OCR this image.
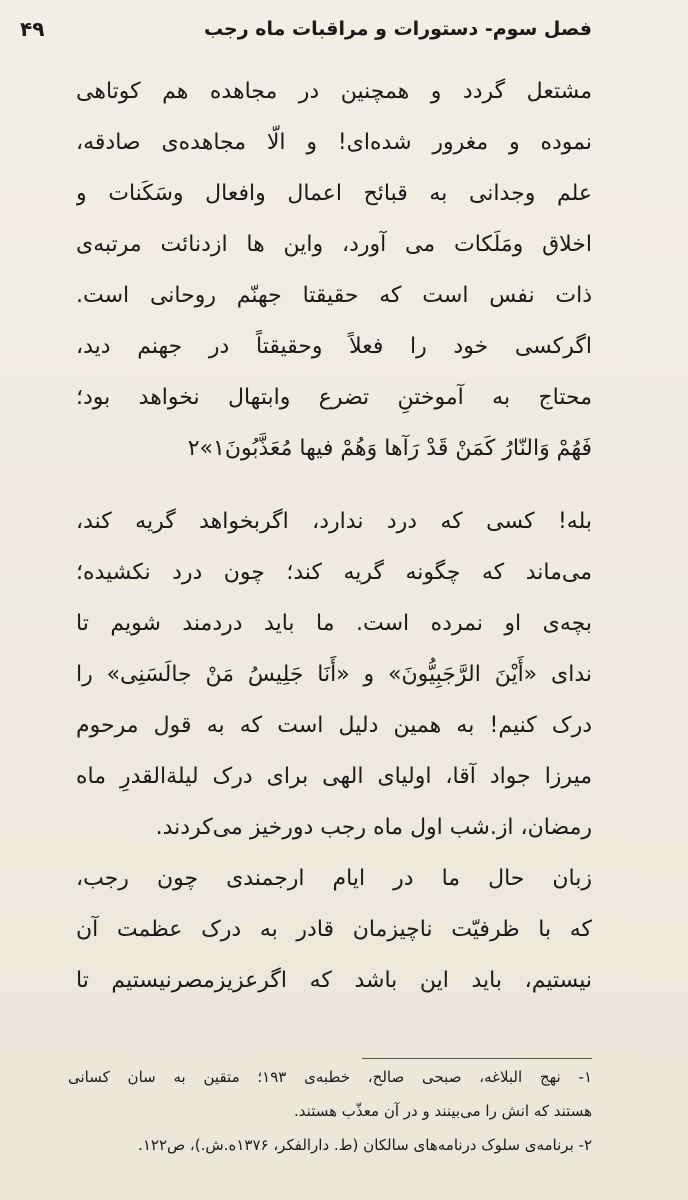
فصل سوم- دستورات و مراقبات ماه رجب
۴۹
مشتعل گردد و همچنین در مجاهده هم کوتاهی
نموده و مغرور شده‌ای! و الّا مجاهده‌ی صادقه،
علم وجدانی به قبائح اعمال وافعال وسَکَنات و
اخلاق ومَلَکات می آورد، واین ها ازدنائت مرتبه‌ی
ذات نفس است که حقیقتا جهنّم روحانی است.
اگرکسی خود را فعلاً وحقیقتاً در جهنم دید،
محتاج به آموختنِ تضرع وابتهال نخواهد بود؛
فَهُمْ وَالنّارُ کَمَنْ قَدْ رَآها وَهُمْ فیها مُعَذَّبُونَ۱»۲
بله! کسی که درد ندارد، اگربخواهد گریه کند،
می‌ماند که چگونه گریه کند؛ چون درد نکشیده؛
بچه‌ی او نمرده است. ما باید دردمند شویم تا
ندای «أَيْنَ الرَّجَبِیُّونَ» و «أَنَا جَلِیسُ مَنْ جالَسَنِی» را
درک کنیم! به همین دلیل است که به قول مرحوم
میرزا جواد آقا، اولیای الهی برای درک لیلة‌القدرِ ماه
رمضان، از.شب اول ماه رجب دورخیز می‌کردند.
زبان حال ما در ایام ارجمندی چون رجب،
که با ظرفیّت ناچیزمان قادر به درک عظمت آن
نیستیم، باید این باشد که اگرعزیزمصرنیستیم تا
۱- نهج البلاغه، صبحی صالح، خطبه‌ی ۱۹۳؛ متقین به سان کسانی
هستند که انش را می‌بینند و در آن معذّب هستند.
۲- برنامه‌ی سلوک درنامه‌های سالکان (ط. دارالفکر، ۱۳۷۶ه.ش.)، ص۱۲۲.
